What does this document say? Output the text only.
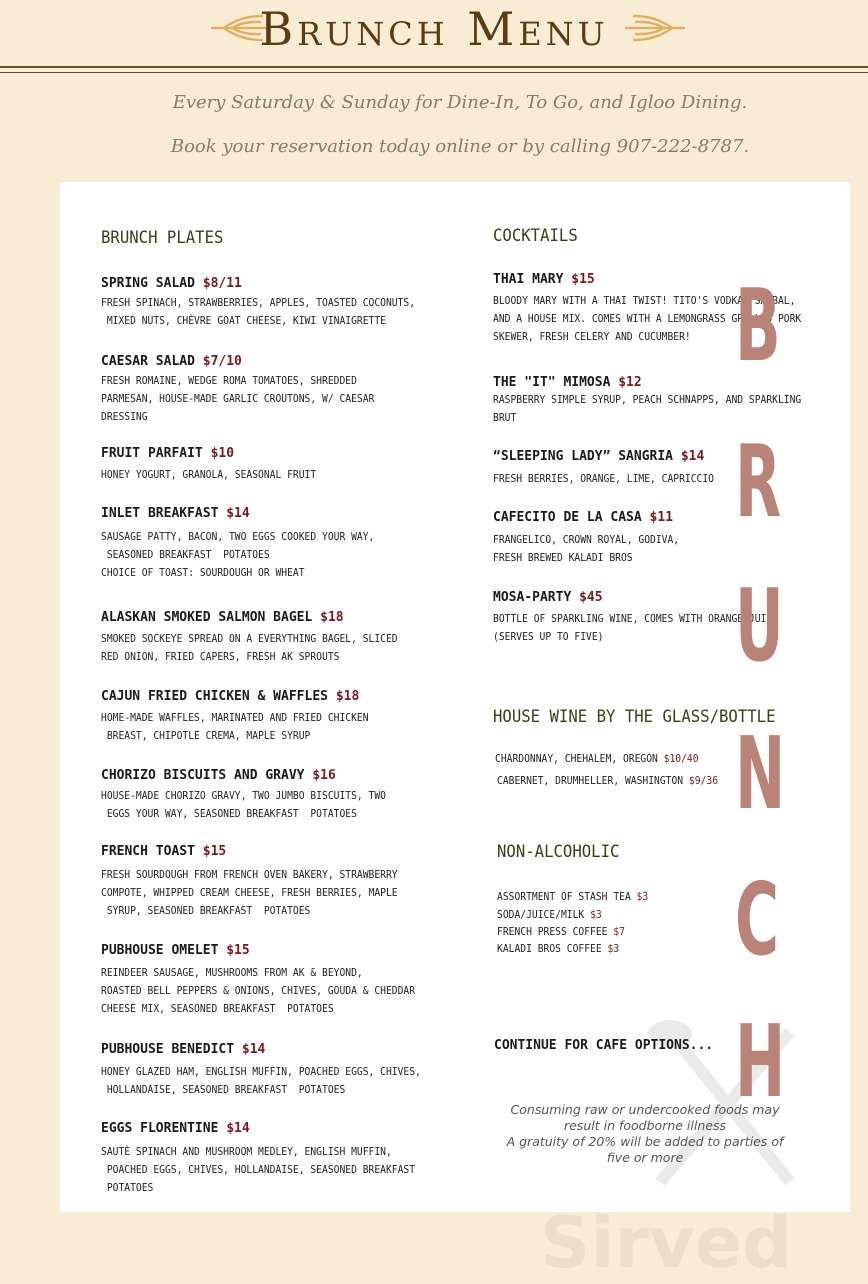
Brunch Menu
Every Saturday & Sunday for Dine-In, To Go, and Igloo Dining.
Book your reservation today online or by calling 907-222-8787.
Sirved
BRUNCH PLATES
SPRING SALAD $8/11
FRESH SPINACH, STRAWBERRIES, APPLES, TOASTED COCONUTS,
MIXED NUTS, CHÈVRE GOAT CHEESE, KIWI VINAIGRETTE
CAESAR SALAD $7/10
FRESH ROMAINE, WEDGE ROMA TOMATOES, SHREDDED
PARMESAN, HOUSE-MADE GARLIC CROUTONS, W/ CAESAR
DRESSING
FRUIT PARFAIT $10
HONEY YOGURT, GRANOLA, SEASONAL FRUIT
INLET BREAKFAST $14
SAUSAGE PATTY, BACON, TWO EGGS COOKED YOUR WAY,
SEASONED BREAKFAST  POTATOES
CHOICE OF TOAST: SOURDOUGH OR WHEAT
ALASKAN SMOKED SALMON BAGEL $18
SMOKED SOCKEYE SPREAD ON A EVERYTHING BAGEL, SLICED
RED ONION, FRIED CAPERS, FRESH AK SPROUTS
CAJUN FRIED CHICKEN & WAFFLES $18
HOME-MADE WAFFLES, MARINATED AND FRIED CHICKEN
BREAST, CHIPOTLE CREMA, MAPLE SYRUP
CHORIZO BISCUITS AND GRAVY $16
HOUSE-MADE CHORIZO GRAVY, TWO JUMBO BISCUITS, TWO
EGGS YOUR WAY, SEASONED BREAKFAST  POTATOES
FRENCH TOAST $15
FRESH SOURDOUGH FROM FRENCH OVEN BAKERY, STRAWBERRY
COMPOTE, WHIPPED CREAM CHEESE, FRESH BERRIES, MAPLE
SYRUP, SEASONED BREAKFAST  POTATOES
PUBHOUSE OMELET $15
REINDEER SAUSAGE, MUSHROOMS FROM AK & BEYOND,
ROASTED BELL PEPPERS & ONIONS, CHIVES, GOUDA & CHEDDAR
CHEESE MIX, SEASONED BREAKFAST  POTATOES
PUBHOUSE BENEDICT $14
HONEY GLAZED HAM, ENGLISH MUFFIN, POACHED EGGS, CHIVES,
HOLLANDAISE, SEASONED BREAKFAST  POTATOES
EGGS FLORENTINE $14
SAUTÈ SPINACH AND MUSHROOM MEDLEY, ENGLISH MUFFIN,
POACHED EGGS, CHIVES, HOLLANDAISE, SEASONED BREAKFAST
POTATOES
COCKTAILS
HOUSE WINE BY THE GLASS/BOTTLE
NON-ALCOHOLIC
CONTINUE FOR CAFE OPTIONS...
Consuming raw or undercooked foods may result in foodborne illness
A gratuity of 20% will be added to parties of five or more
THAI MARY $15
BLOODY MARY WITH A THAI TWIST! TITO'S VODKA, SAMBAL,
AND A HOUSE MIX. COMES WITH A LEMONGRASS GRILLED PORK
SKEWER, FRESH CELERY AND CUCUMBER!
THE "IT" MIMOSA $12
RASPBERRY SIMPLE SYRUP, PEACH SCHNAPPS, AND SPARKLING
BRUT
“SLEEPING LADY” SANGRIA $14
FRESH BERRIES, ORANGE, LIME, CAPRICCIO
CAFECITO DE LA CASA $11
FRANGELICO, CROWN ROYAL, GODIVA,
FRESH BREWED KALADI BROS
MOSA-PARTY $45
BOTTLE OF SPARKLING WINE, COMES WITH ORANGE JUICE
(SERVES UP TO FIVE)
CHARDONNAY, CHEHALEM, OREGON $10/40
CABERNET, DRUMHELLER, WASHINGTON $9/36
ASSORTMENT OF STASH TEA $3
SODA/JUICE/MILK $3
FRENCH PRESS COFFEE $7
KALADI BROS COFFEE $3
B
R
U
N
C
H
